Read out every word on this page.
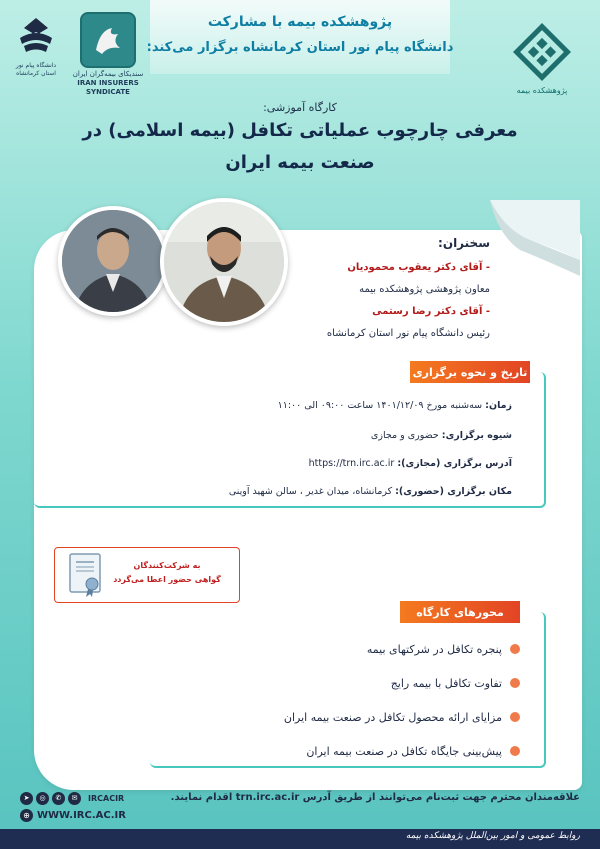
پژوهشکده بیمه با مشارکت
دانشگاه پیام نور استان کرمانشاه برگزار می‌کند:
دانشگاه پیام نور استان کرمانشاه	سندیکای بیمه‌گران ایران
IRAN INSURERS SYNDICATE	پژوهشکده بیمه
کارگاه آموزشی:
معرفی چارچوب عملیاتی تکافل (بیمه اسلامی) در
صنعت بیمه ایران
سخنران:
- آقای دکتر یعقوب محمودیان
معاون پژوهشی پژوهشکده بیمه
- آقای دکتر رضا رستمی
رئیس دانشگاه پیام نور استان کرمانشاه
تاریخ و نحوه برگزاری
زمان: سه‌شنبه مورخ ۱۴۰۱/۱۲/۰۹ ساعت ۰۹:۰۰ الی ۱۱:۰۰
شیوه برگزاری: حضوری و مجازی
آدرس برگزاری (مجازی): https://trn.irc.ac.ir
مکان برگزاری (حضوری): کرمانشاه، میدان غدیر ، سالن شهید آوینی
به شرکت‌کنندگان
گواهی حضور اعطا می‌گردد
محورهای کارگاه
پنجره تکافل در شرکتهای بیمه
تفاوت تکافل با بیمه رایج
مزایای ارائه محصول تکافل در صنعت بیمه ایران
پیش‌بینی جایگاه تکافل در صنعت بیمه ایران
علاقه‌مندان محترم جهت ثبت‌نام می‌توانند از طریق آدرس trn.irc.ac.ir اقدام نمایند.
➤	◎	✆	✉	IRCACIR
⊕ WWW.IRC.AC.IR
روابط عمومی و امور بین‌الملل پژوهشکده بیمه
